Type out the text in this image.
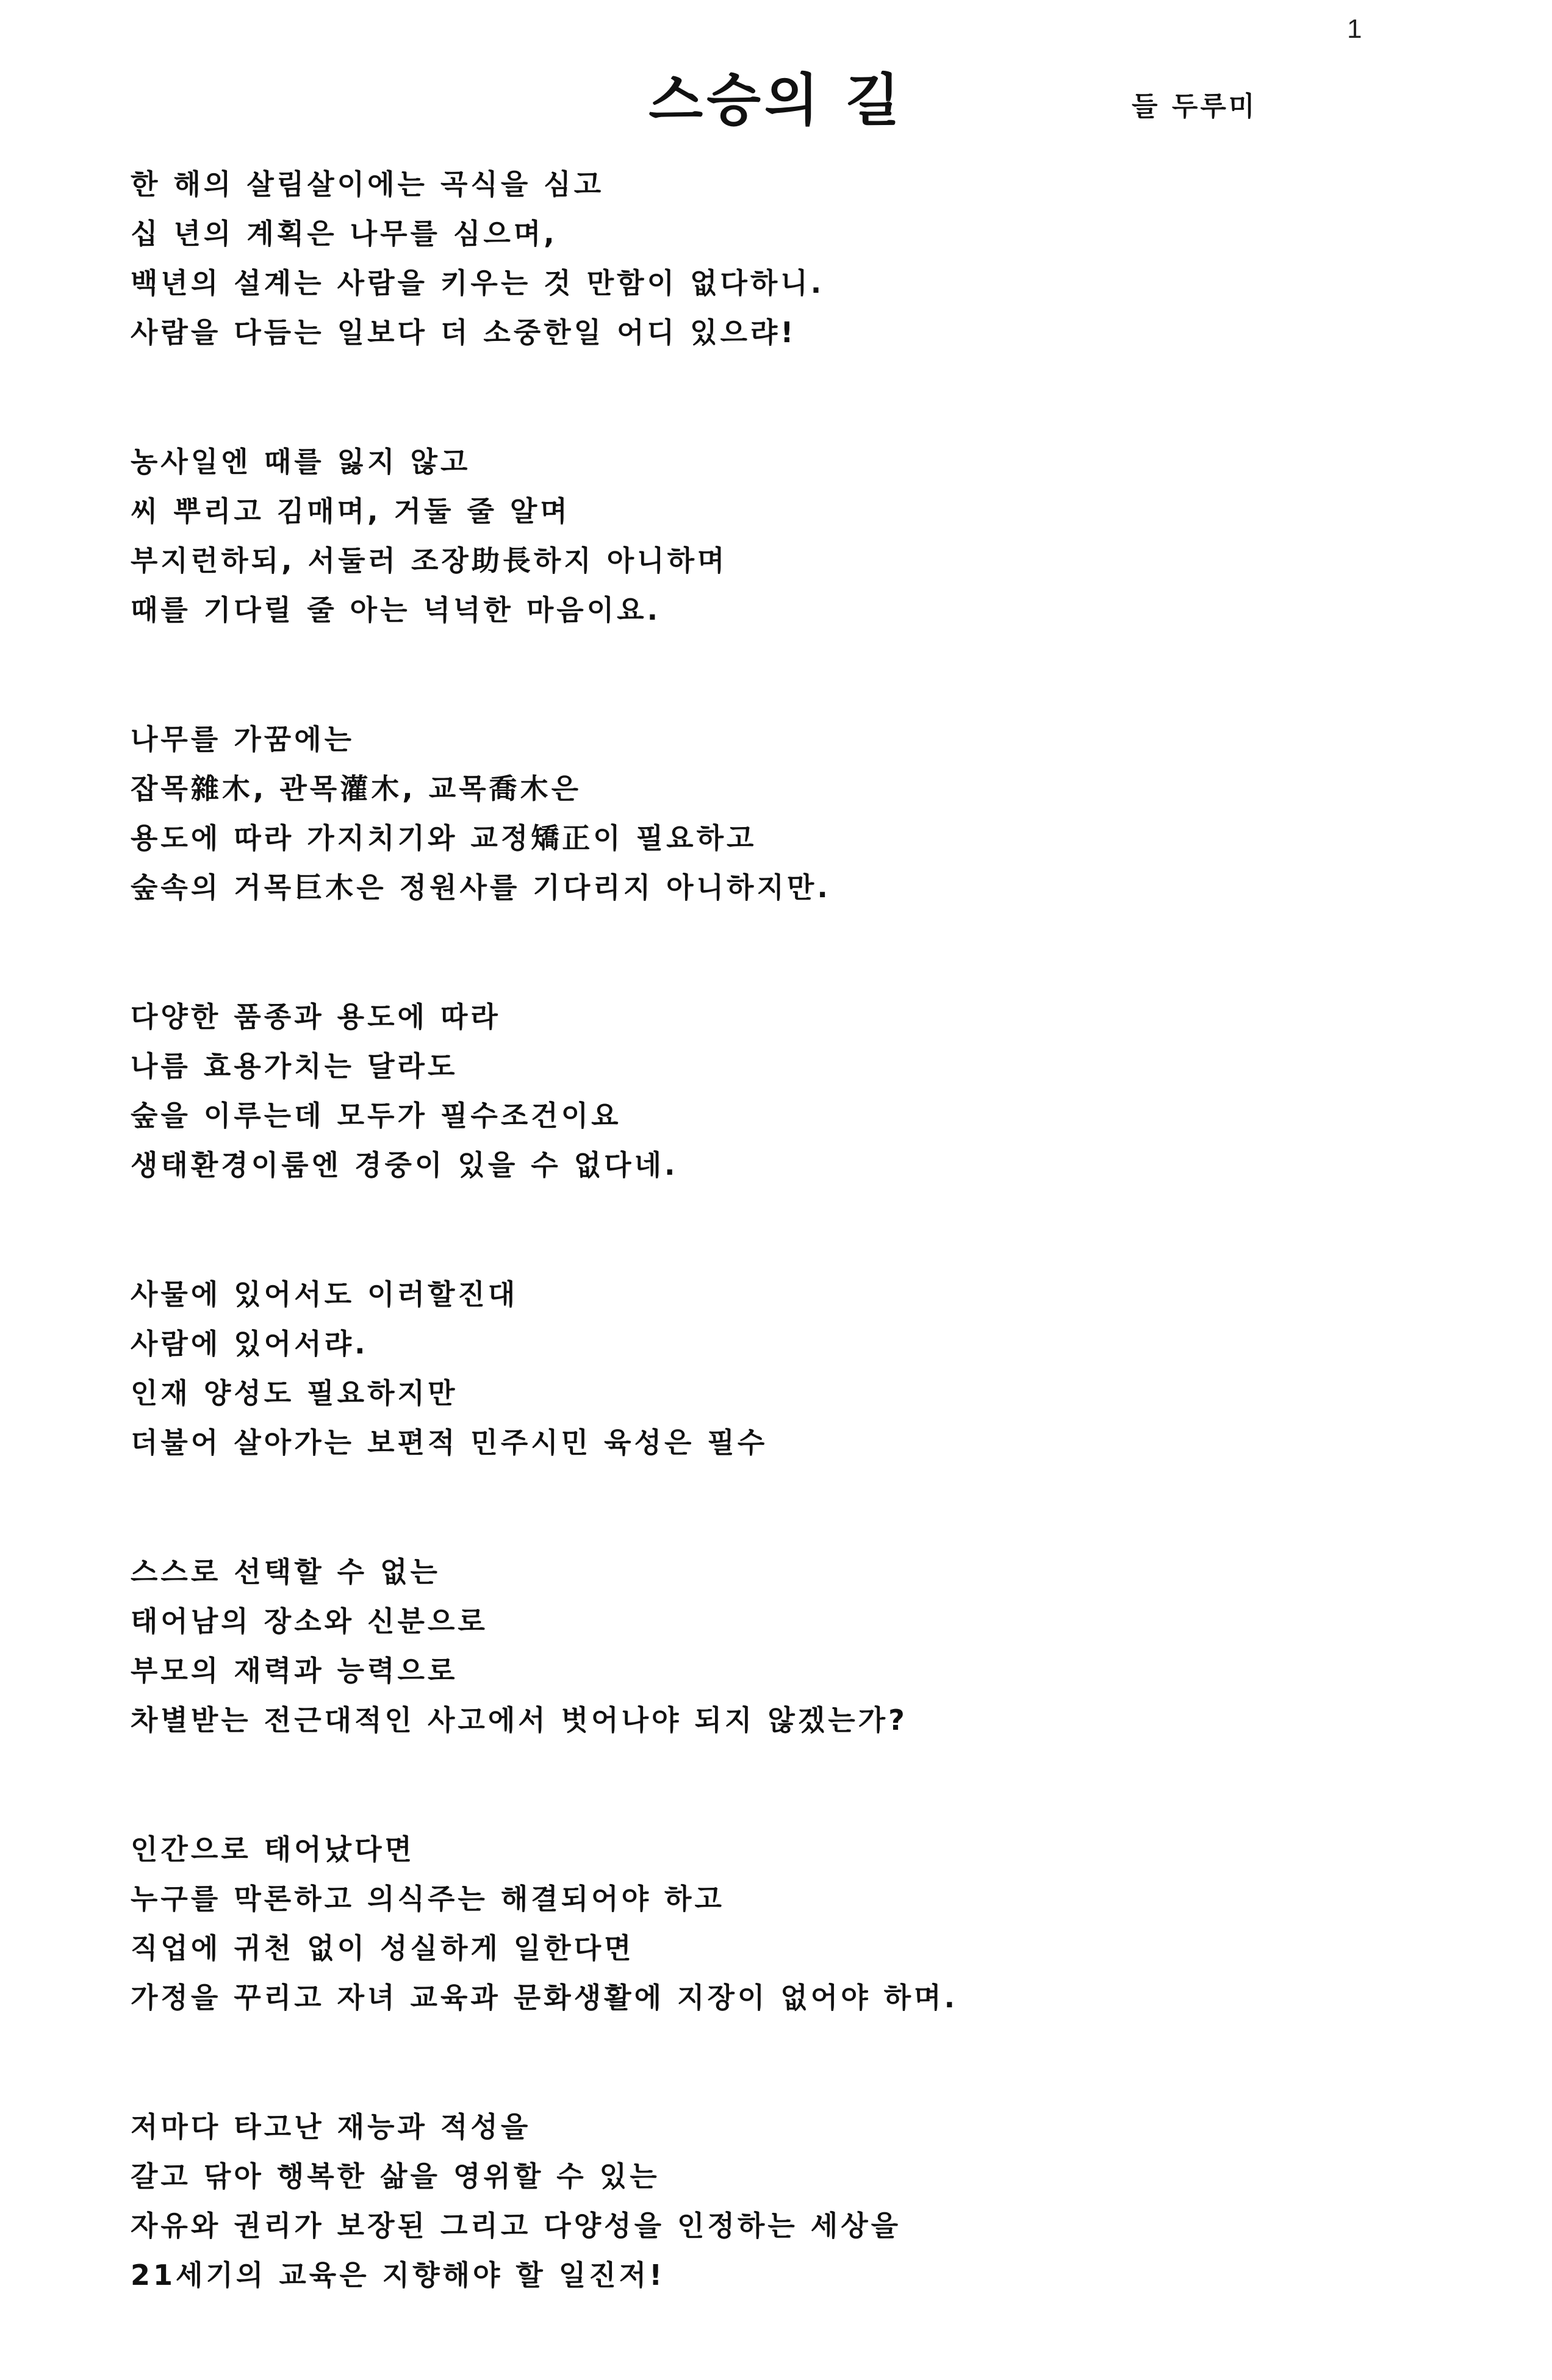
1
스승의 길	들 두루미
한 해의 살림살이에는 곡식을 심고
십 년의 계획은 나무를 심으며,
백년의 설계는 사람을 키우는 것 만함이 없다하니.
사람을 다듬는 일보다 더 소중한일 어디 있으랴!
농사일엔 때를 잃지 않고
씨 뿌리고 김매며, 거둘 줄 알며
부지런하되, 서둘러 조장助長하지 아니하며
때를 기다릴 줄 아는 넉넉한 마음이요.
나무를 가꿈에는
잡목雜木, 관목灌木, 교목喬木은
용도에 따라 가지치기와 교정矯正이 필요하고
숲속의 거목巨木은 정원사를 기다리지 아니하지만.
다양한 품종과 용도에 따라
나름 효용가치는 달라도
숲을 이루는데 모두가 필수조건이요
생태환경이룸엔 경중이 있을 수 없다네.
사물에 있어서도 이러할진대
사람에 있어서랴.
인재 양성도 필요하지만
더불어 살아가는 보편적 민주시민 육성은 필수
스스로 선택할 수 없는
태어남의 장소와 신분으로
부모의 재력과 능력으로
차별받는 전근대적인 사고에서 벗어나야 되지 않겠는가?
인간으로 태어났다면
누구를 막론하고 의식주는 해결되어야 하고
직업에 귀천 없이 성실하게 일한다면
가정을 꾸리고 자녀 교육과 문화생활에 지장이 없어야 하며.
저마다 타고난 재능과 적성을
갈고 닦아 행복한 삶을 영위할 수 있는
자유와 권리가 보장된 그리고 다양성을 인정하는 세상을
21세기의 교육은 지향해야 할 일진저!
